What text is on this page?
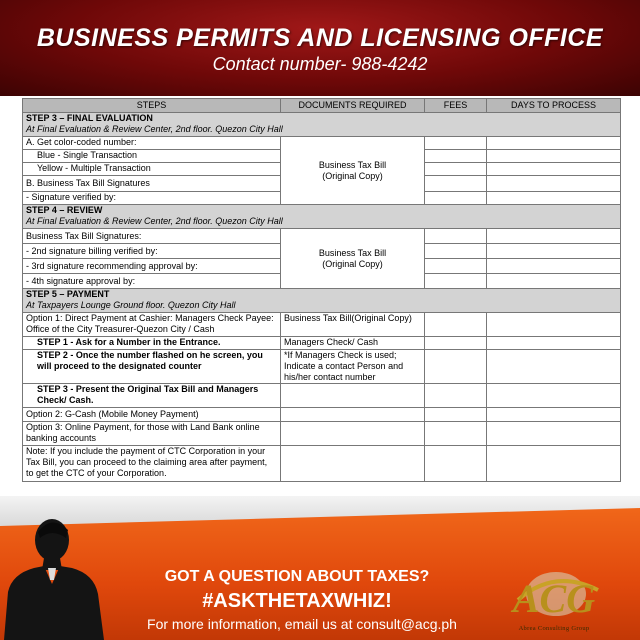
BUSINESS PERMITS AND LICENSING OFFICE
Contact number- 988-4242
STEPS	DOCUMENTS REQUIRED	FEES	DAYS TO PROCESS

STEP 3 – FINAL EVALUATION
At Final Evaluation & Review Center, 2nd floor. Quezon City Hall			

A. Get color-coded number:	Business Tax Bill
(Original Copy)		
Blue - Single Transaction			
Yellow - Multiple Transaction			
B. Business Tax Bill Signatures			
- Signature verified by:			

STEP 4 – REVIEW
At Final Evaluation & Review Center, 2nd floor. Quezon City Hall			

Business Tax Bill Signatures:	Business Tax Bill
(Original Copy)		
- 2nd signature billing verified by:			
- 3rd signature recommending approval by:			
- 4th signature approval by:			

STEP 5 – PAYMENT
At Taxpayers Lounge Ground floor. Quezon City Hall			

Option 1: Direct Payment at Cashier: Managers Check Payee: Office of the City Treasurer-Quezon City / Cash	Business Tax Bill(Original Copy)		
STEP 1 - Ask for a Number in the Entrance.	Managers Check/ Cash		
STEP 2 - Once the number flashed on he screen, you will proceed to the designated counter	*If Managers Check is used; Indicate a contact Person and his/her contact number		
STEP 3 - Present the Original Tax Bill and Managers Check/ Cash.			
Option 2: G-Cash (Mobile Money Payment)			
Option 3: Online Payment, for those with Land Bank online banking accounts			
Note: If you include the payment of CTC Corporation in your Tax Bill, you can proceed to the claiming area after payment, to get the CTC of your Corporation.			
GOT A QUESTION ABOUT TAXES?
#ASKTHETAXWHIZ!
For more information, email us at consult@acg.ph
ACG
Abrea Consulting Group
